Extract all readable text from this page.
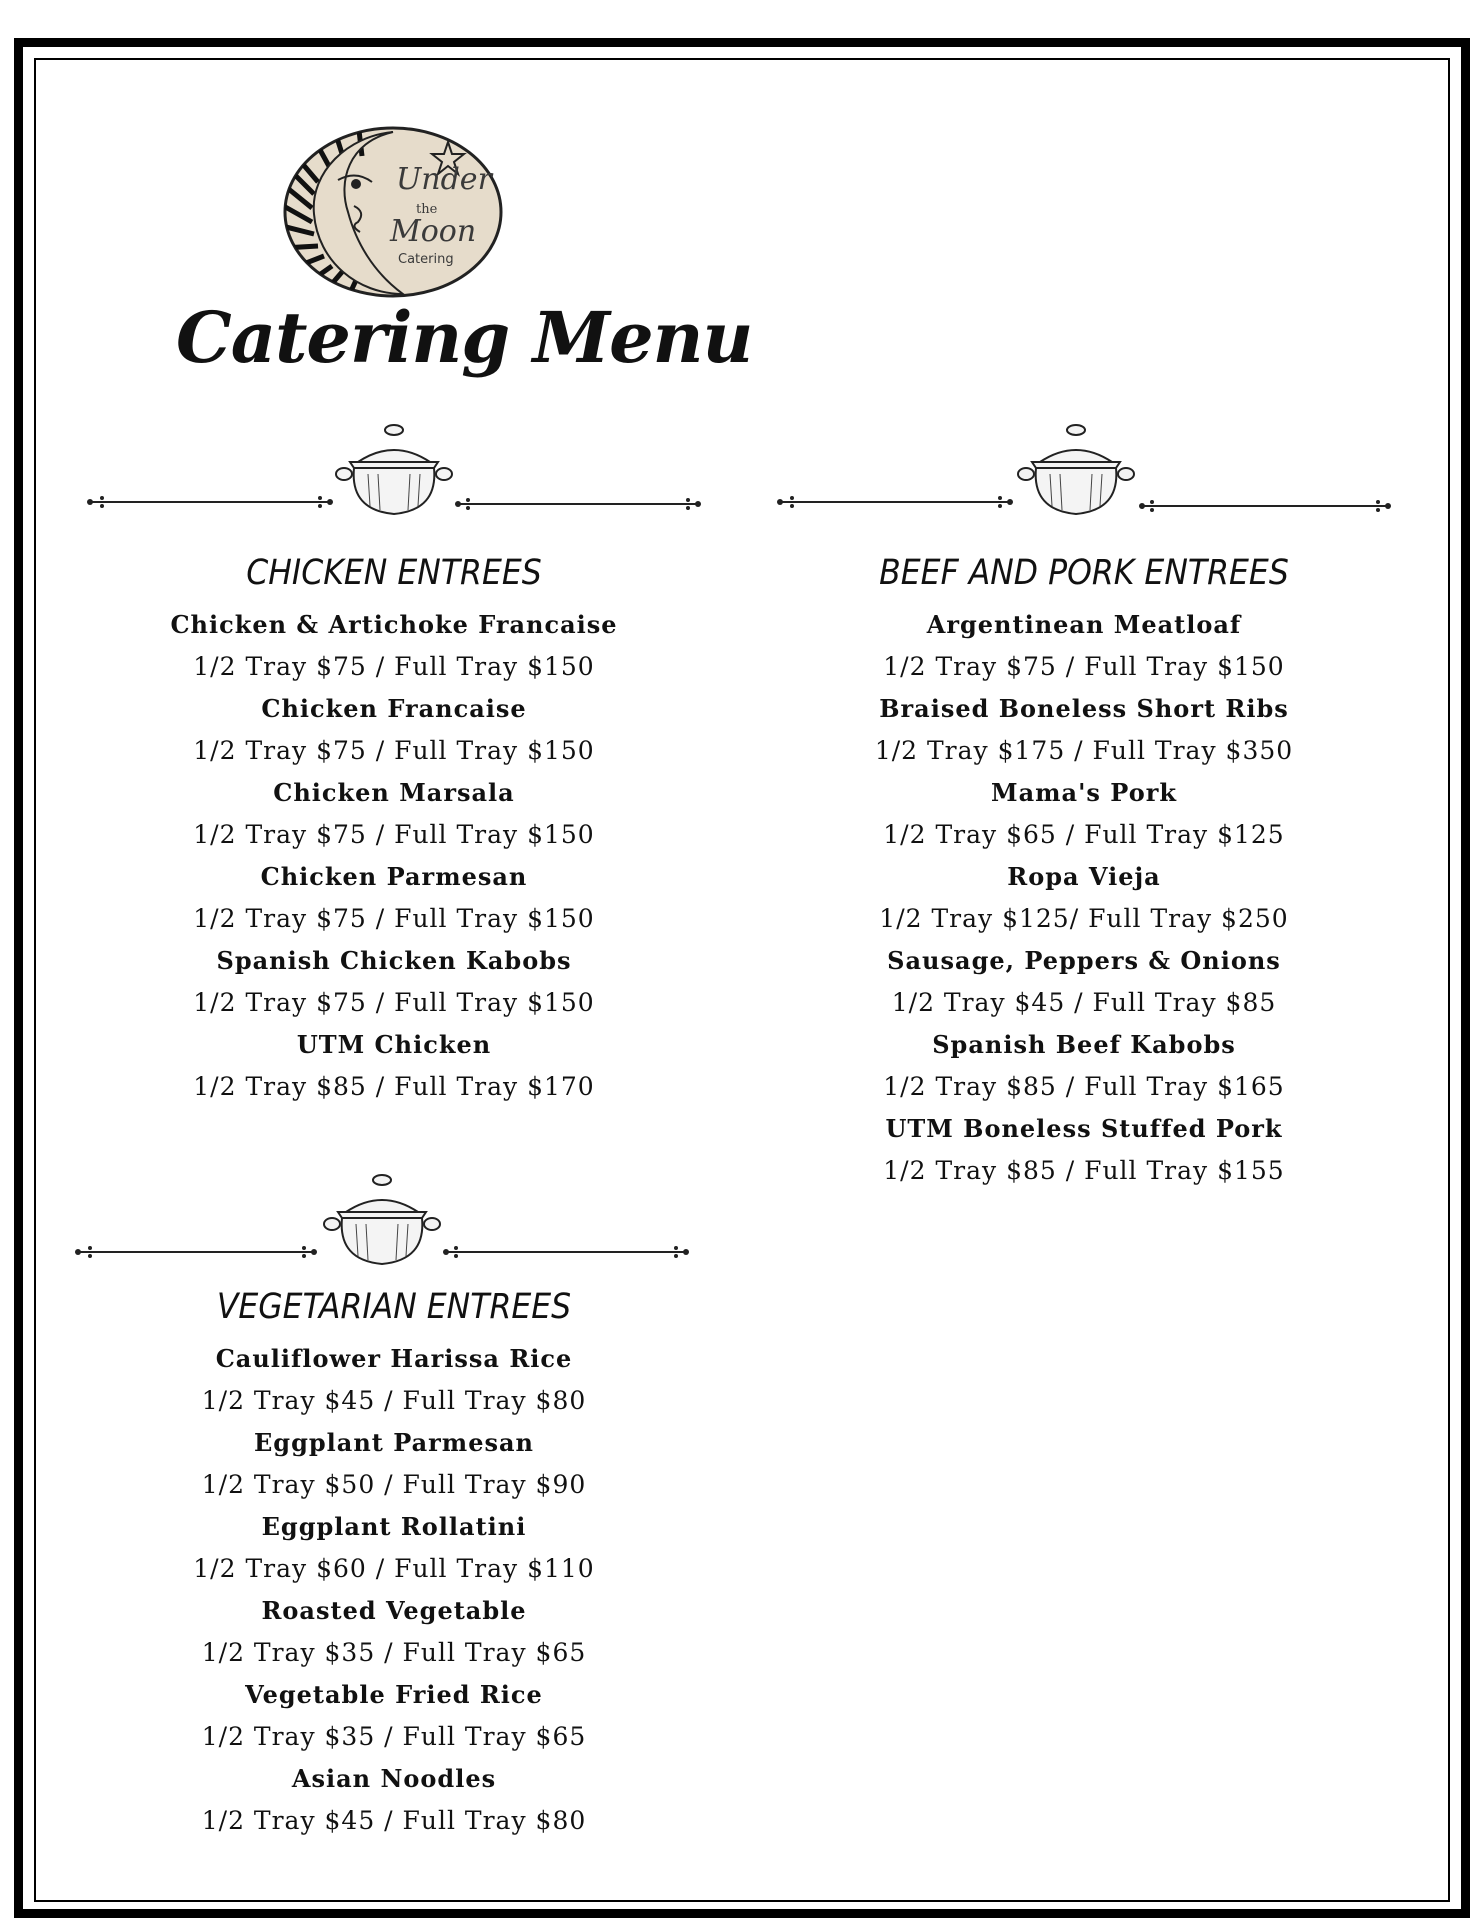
Under
the
Moon
Catering
Catering Menu
CHICKEN ENTREES
Chicken & Artichoke Francaise
1/2 Tray $75 / Full Tray $150
Chicken Francaise
1/2 Tray $75 / Full Tray $150
Chicken Marsala
1/2 Tray $75 / Full Tray $150
Chicken Parmesan
1/2 Tray $75 / Full Tray $150
Spanish Chicken Kabobs
1/2 Tray $75 / Full Tray $150
UTM Chicken
1/2 Tray $85 / Full Tray $170
BEEF AND PORK ENTREES
Argentinean Meatloaf
1/2 Tray $75 / Full Tray $150
Braised Boneless Short Ribs
1/2 Tray $175 / Full Tray $350
Mama's Pork
1/2 Tray $65 / Full Tray $125
Ropa Vieja
1/2 Tray $125/ Full Tray $250
Sausage, Peppers & Onions
1/2 Tray $45 / Full Tray $85
Spanish Beef Kabobs
1/2 Tray $85 / Full Tray $165
UTM Boneless Stuffed Pork
1/2 Tray $85 / Full Tray $155
VEGETARIAN ENTREES
Cauliflower Harissa Rice
1/2 Tray $45 / Full Tray $80
Eggplant Parmesan
1/2 Tray $50 / Full Tray $90
Eggplant Rollatini
1/2 Tray $60 / Full Tray $110
Roasted Vegetable
1/2 Tray $35 / Full Tray $65
Vegetable Fried Rice
1/2 Tray $35 / Full Tray $65
Asian Noodles
1/2 Tray $45 / Full Tray $80
